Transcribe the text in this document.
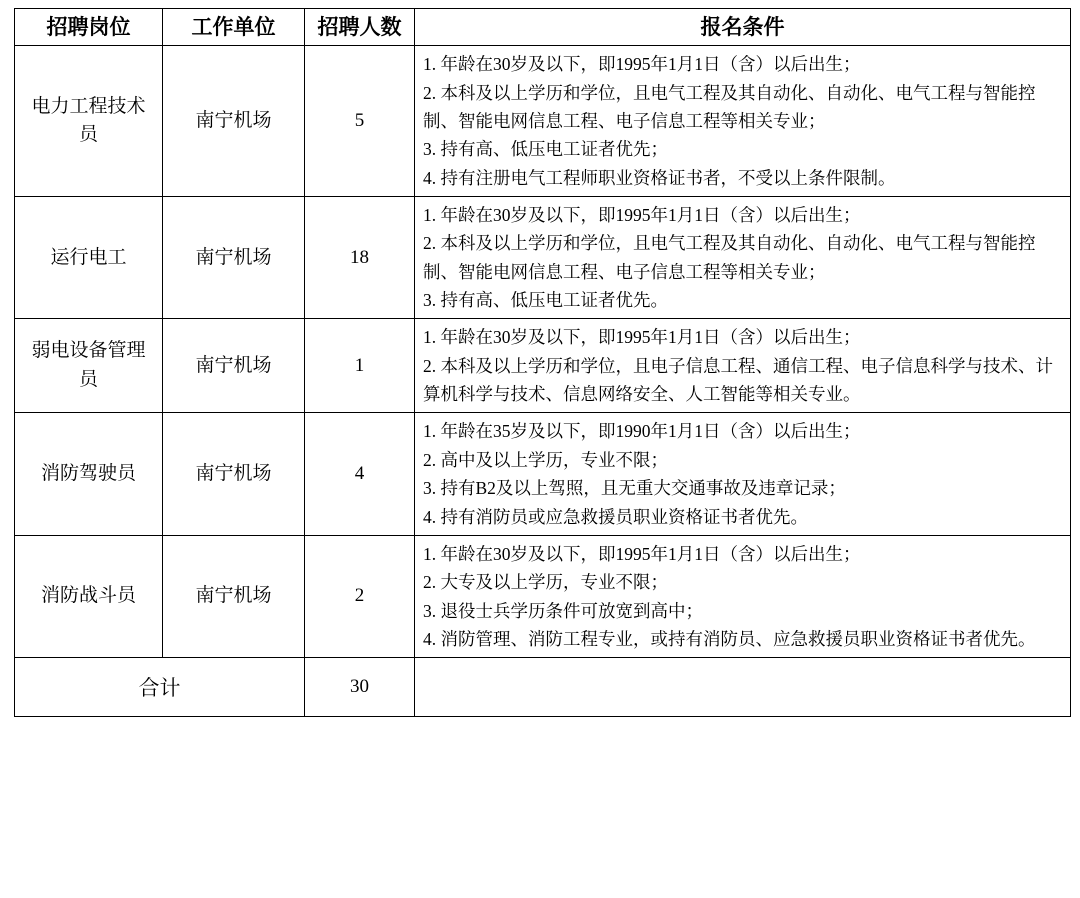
招聘岗位	工作单位	招聘人数	报名条件
电力工程技术员	南宁机场	5	1. 年龄在30岁及以下，即1995年1月1日（含）以后出生；
2. 本科及以上学历和学位，且电气工程及其自动化、自动化、电气工程与智能控制、智能电网信息工程、电子信息工程等相关专业；
3. 持有高、低压电工证者优先；
4. 持有注册电气工程师职业资格证书者，不受以上条件限制。

运行电工	南宁机场	18	1. 年龄在30岁及以下，即1995年1月1日（含）以后出生；
2. 本科及以上学历和学位，且电气工程及其自动化、自动化、电气工程与智能控制、智能电网信息工程、电子信息工程等相关专业；
3. 持有高、低压电工证者优先。

弱电设备管理员	南宁机场	1	1. 年龄在30岁及以下，即1995年1月1日（含）以后出生；
2. 本科及以上学历和学位，且电子信息工程、通信工程、电子信息科学与技术、计算机科学与技术、信息网络安全、人工智能等相关专业。

消防驾驶员	南宁机场	4	1. 年龄在35岁及以下，即1990年1月1日（含）以后出生；
2. 高中及以上学历，专业不限；
3. 持有B2及以上驾照，且无重大交通事故及违章记录；
4. 持有消防员或应急救援员职业资格证书者优先。

消防战斗员	南宁机场	2	1. 年龄在30岁及以下，即1995年1月1日（含）以后出生；
2. 大专及以上学历，专业不限；
3. 退役士兵学历条件可放宽到高中；
4. 消防管理、消防工程专业，或持有消防员、应急救援员职业资格证书者优先。

合计		30	
